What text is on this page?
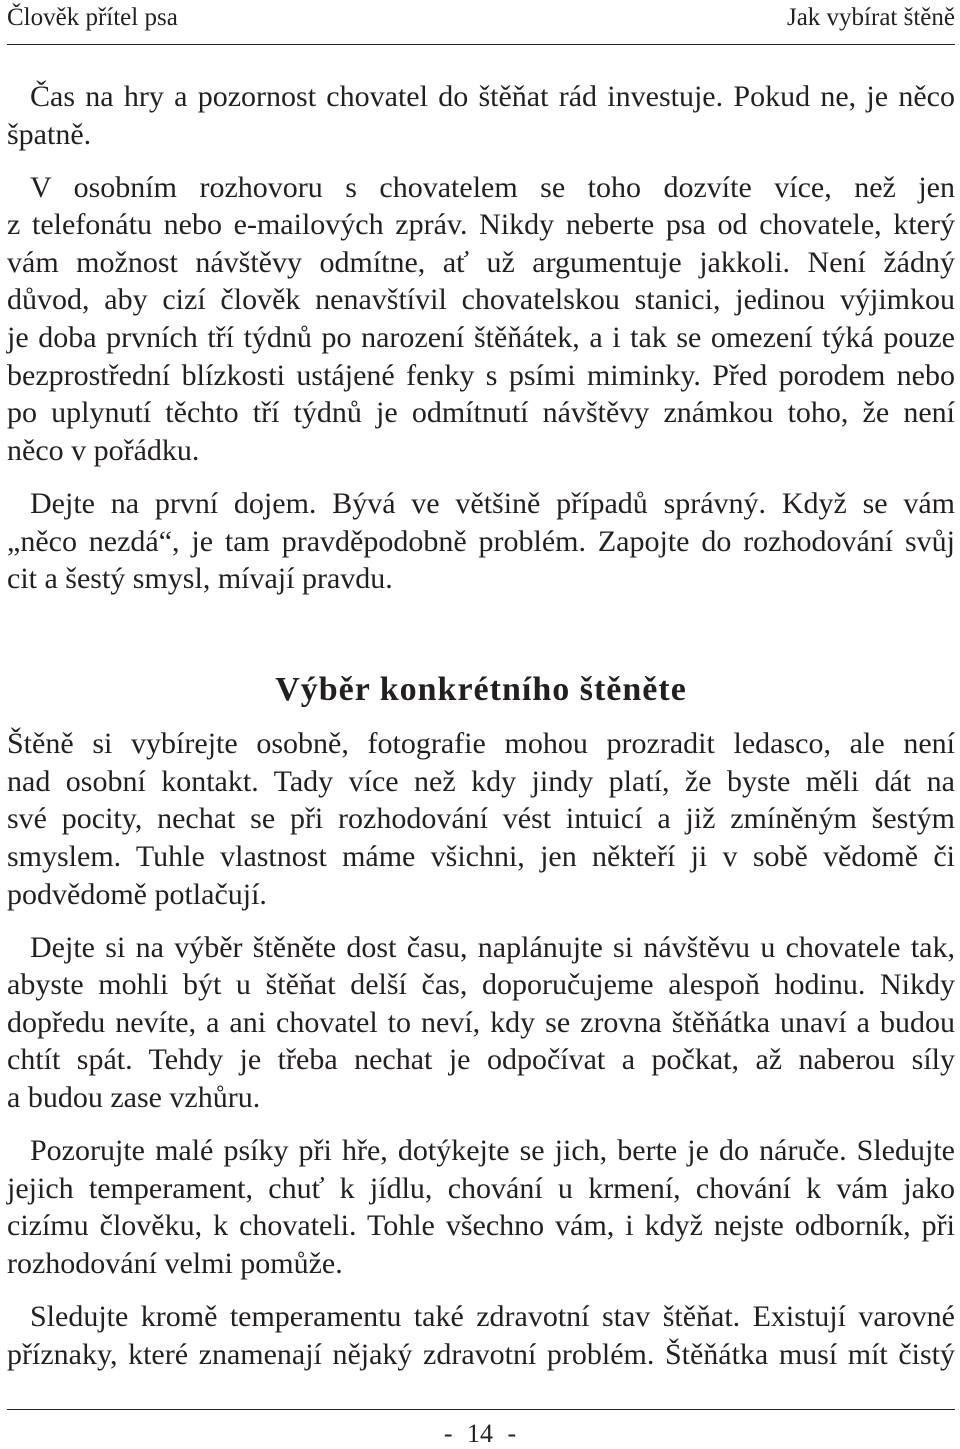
Člověk přítel psa	Jak vybírat štěně

Čas na hry a pozornost chovatel do štěňat rád investuje. Pokud ne, je něco
špatně.

V osobním rozhovoru s chovatelem se toho dozvíte více, než jen
z telefonátu nebo e-mailových zpráv. Nikdy neberte psa od chovatele, který
vám možnost návštěvy odmítne, ať už argumentuje jakkoli. Není žádný
důvod, aby cizí člověk nenavštívil chovatelskou stanici, jedinou výjimkou
je doba prvních tří týdnů po narození štěňátek, a i tak se omezení týká pouze
bezprostřední blízkosti ustájené fenky s psími miminky. Před porodem nebo
po uplynutí těchto tří týdnů je odmítnutí návštěvy známkou toho, že není
něco v pořádku.

Dejte na první dojem. Bývá ve většině případů správný. Když se vám
„něco nezdá“, je tam pravděpodobně problém. Zapojte do rozhodování svůj
cit a šestý smysl, mívají pravdu.

Výběr konkrétního štěněte

Štěně si vybírejte osobně, fotografie mohou prozradit ledasco, ale není
nad osobní kontakt. Tady více než kdy jindy platí, že byste měli dát na
své pocity, nechat se při rozhodování vést intuicí a již zmíněným šestým
smyslem. Tuhle vlastnost máme všichni, jen někteří ji v sobě vědomě či
podvědomě potlačují.

Dejte si na výběr štěněte dost času, naplánujte si návštěvu u chovatele tak,
abyste mohli být u štěňat delší čas, doporučujeme alespoň hodinu. Nikdy
dopředu nevíte, a ani chovatel to neví, kdy se zrovna štěňátka unaví a budou
chtít spát. Tehdy je třeba nechat je odpočívat a počkat, až naberou síly
a budou zase vzhůru.

Pozorujte malé psíky při hře, dotýkejte se jich, berte je do náruče. Sledujte
jejich temperament, chuť k jídlu, chování u krmení, chování k vám jako
cizímu člověku, k chovateli. Tohle všechno vám, i když nejste odborník, při
rozhodování velmi pomůže.

Sledujte kromě temperamentu také zdravotní stav štěňat. Existují varovné
příznaky, které znamenají nějaký zdravotní problém. Štěňátka musí mít čistý

- 14 -
